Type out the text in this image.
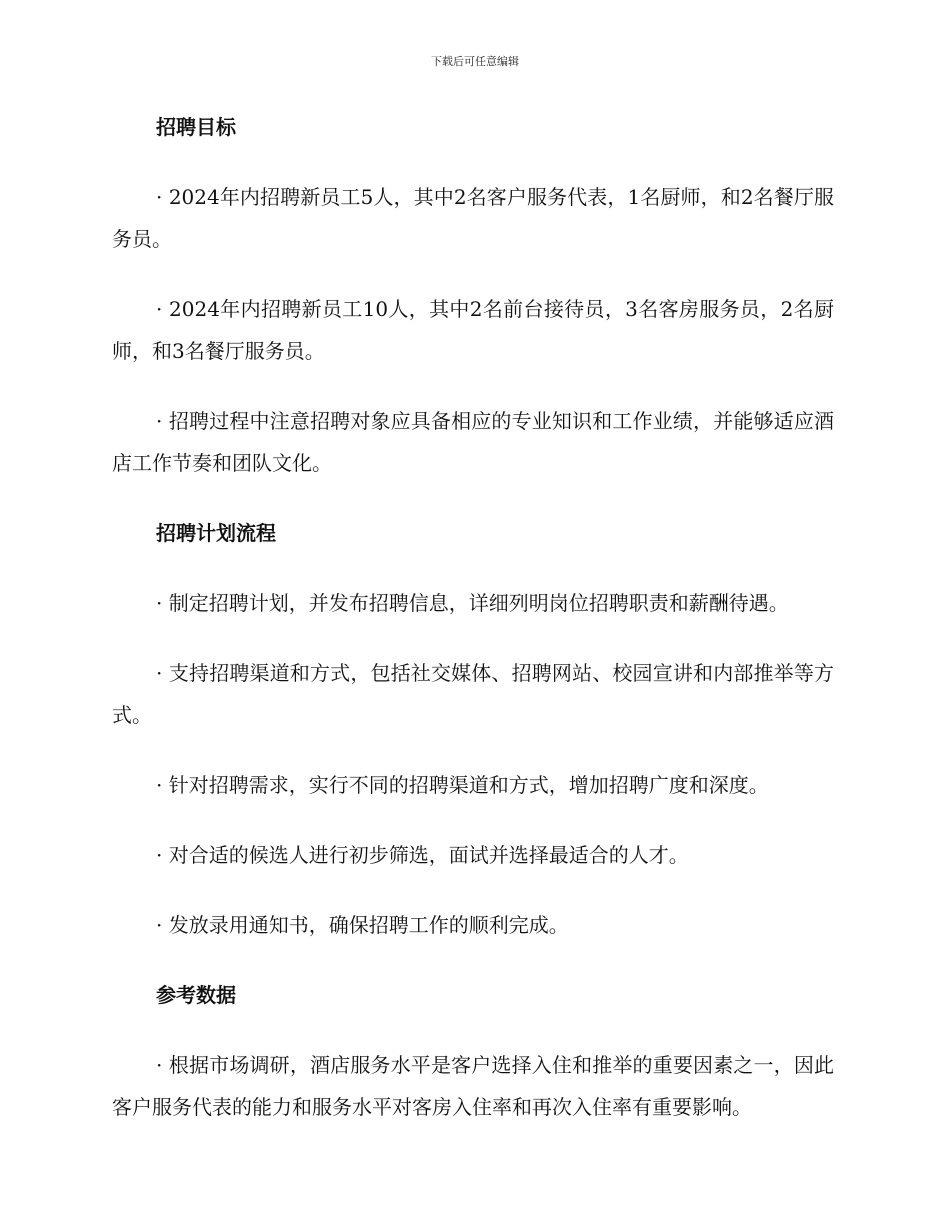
下载后可任意编辑
招聘目标

· 2024年内招聘新员工5人，其中2名客户服务代表，1名厨师，和2名餐厅服务员。

· 2024年内招聘新员工10人，其中2名前台接待员，3名客房服务员，2名厨师，和3名餐厅服务员。

· 招聘过程中注意招聘对象应具备相应的专业知识和工作业绩，并能够适应酒店工作节奏和团队文化。

招聘计划流程

· 制定招聘计划，并发布招聘信息，详细列明岗位招聘职责和薪酬待遇。

· 支持招聘渠道和方式，包括社交媒体、招聘网站、校园宣讲和内部推举等方式。

· 针对招聘需求，实行不同的招聘渠道和方式，增加招聘广度和深度。

· 对合适的候选人进行初步筛选，面试并选择最适合的人才。

· 发放录用通知书，确保招聘工作的顺利完成。

参考数据

· 根据市场调研，酒店服务水平是客户选择入住和推举的重要因素之一，因此客户服务代表的能力和服务水平对客房入住率和再次入住率有重要影响。
